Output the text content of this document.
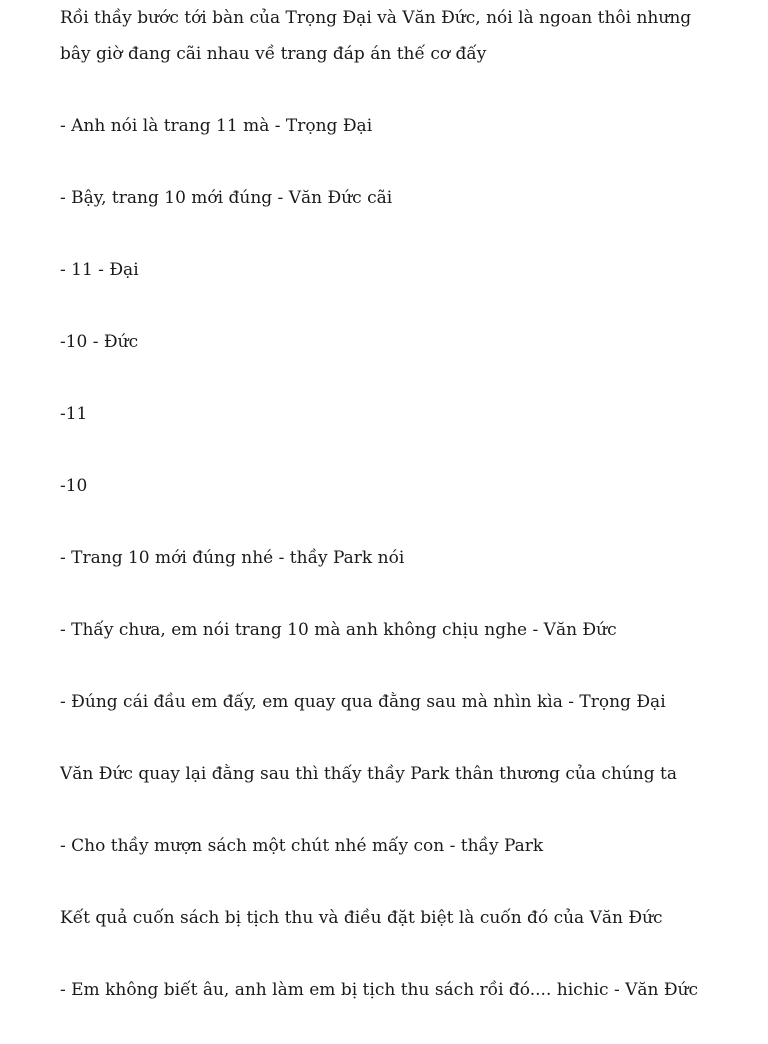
Rồi thầy bước tới bàn của Trọng Đại và Văn Đức, nói là ngoan thôi nhưng bây giờ đang cãi nhau về trang đáp án thế cơ đấy

- Anh nói là trang 11 mà - Trọng Đại

- Bậy, trang 10 mới đúng - Văn Đức cãi

- 11 - Đại

-10 - Đức

-11

-10

- Trang 10 mới đúng nhé - thầy Park nói

- Thấy chưa, em nói trang 10 mà anh không chịu nghe - Văn Đức

- Đúng cái đầu em đấy, em quay qua đằng sau mà nhìn kìa - Trọng Đại

Văn Đức quay lại đằng sau thì thấy thầy Park thân thương của chúng ta

- Cho thầy mượn sách một chút nhé mấy con - thầy Park

Kết quả cuốn sách bị tịch thu và điều đặt biệt là cuốn đó của Văn Đức

- Em không biết âu, anh làm em bị tịch thu sách rồi đó.... hichic - Văn Đức
